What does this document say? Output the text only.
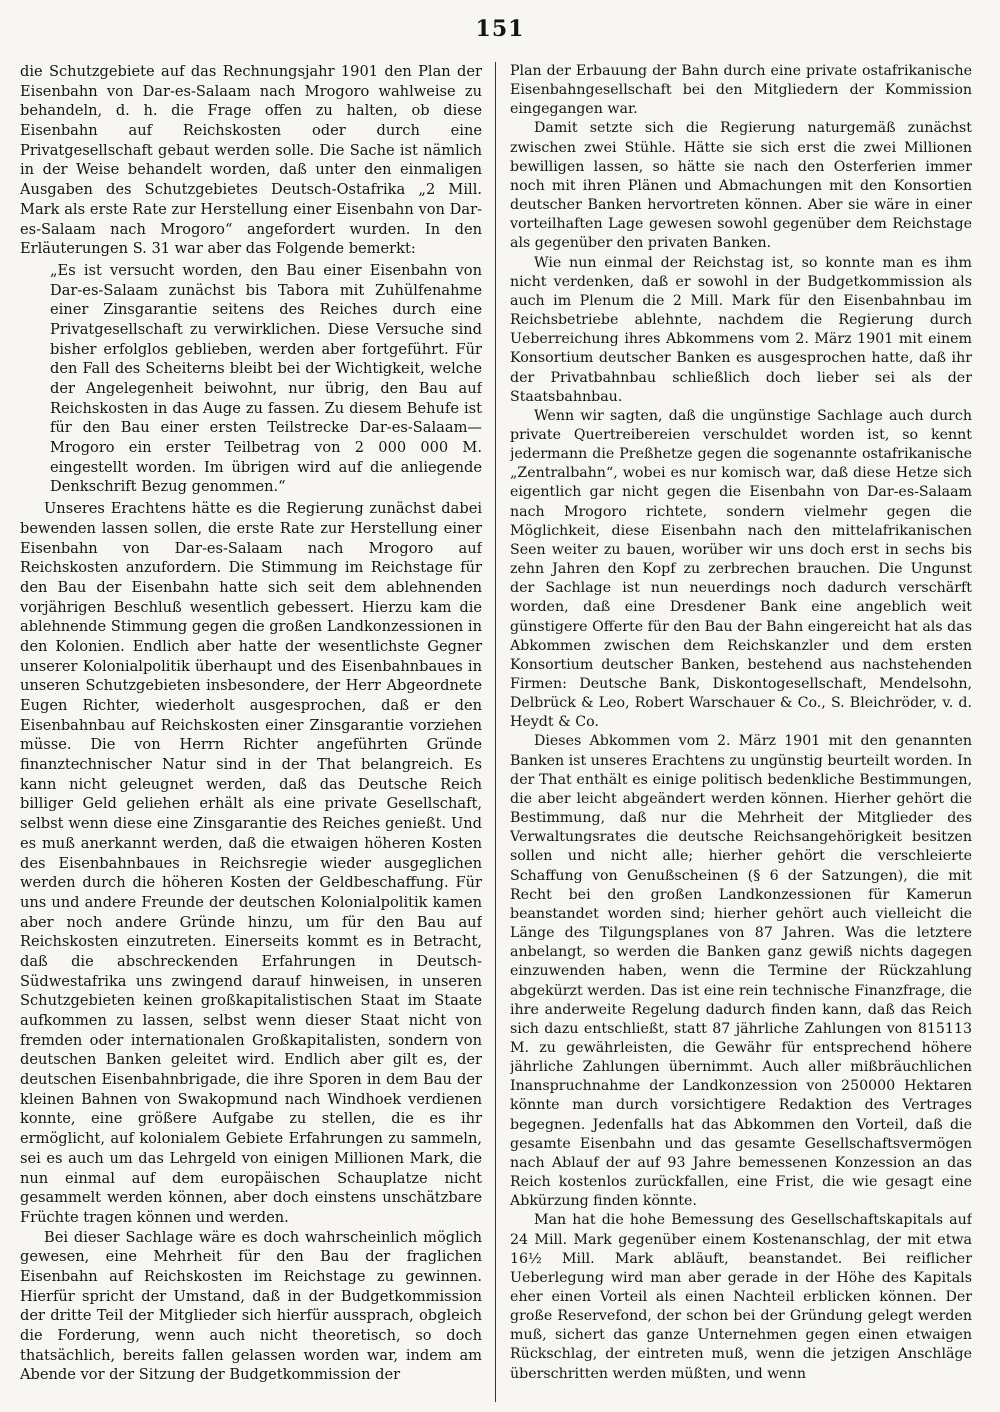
151

die Schutzgebiete auf das Rechnungsjahr 1901 den Plan der Eisenbahn von Dar-es-Salaam nach Mrogoro wahlweise zu behandeln, d. h. die Frage offen zu halten, ob diese Eisenbahn auf Reichskosten oder durch eine Privatgesellschaft gebaut werden solle. Die Sache ist nämlich in der Weise behandelt worden, daß unter den einmaligen Ausgaben des Schutzgebietes Deutsch-Ostafrika „2 Mill. Mark als erste Rate zur Herstellung einer Eisenbahn von Dar-es-Salaam nach Mrogoro“ angefordert wurden. In den Erläuterungen S. 31 war aber das Folgende bemerkt:

„Es ist versucht worden, den Bau einer Eisenbahn von Dar-es-Salaam zunächst bis Tabora mit Zuhülfenahme einer Zinsgarantie seitens des Reiches durch eine Privatgesellschaft zu verwirklichen. Diese Versuche sind bisher erfolglos geblieben, werden aber fortgeführt. Für den Fall des Scheiterns bleibt bei der Wichtigkeit, welche der Angelegenheit beiwohnt, nur übrig, den Bau auf Reichskosten in das Auge zu fassen. Zu diesem Behufe ist für den Bau einer ersten Teilstrecke Dar-es-Salaam—Mrogoro ein erster Teilbetrag von 2 000 000 M. eingestellt worden. Im übrigen wird auf die anliegende Denkschrift Bezug genommen.“

Unseres Erachtens hätte es die Regierung zunächst dabei bewenden lassen sollen, die erste Rate zur Herstellung einer Eisenbahn von Dar-es-Salaam nach Mrogoro auf Reichskosten anzufordern. Die Stimmung im Reichstage für den Bau der Eisenbahn hatte sich seit dem ablehnenden vorjährigen Beschluß wesentlich gebessert. Hierzu kam die ablehnende Stimmung gegen die großen Landkonzessionen in den Kolonien. Endlich aber hatte der wesentlichste Gegner unserer Kolonialpolitik überhaupt und des Eisenbahnbaues in unseren Schutzgebieten insbesondere, der Herr Abgeordnete Eugen Richter, wiederholt ausgesprochen, daß er den Eisenbahnbau auf Reichskosten einer Zinsgarantie vorziehen müsse. Die von Herrn Richter angeführten Gründe finanztechnischer Natur sind in der That belangreich. Es kann nicht geleugnet werden, daß das Deutsche Reich billiger Geld geliehen erhält als eine private Gesellschaft, selbst wenn diese eine Zinsgarantie des Reiches genießt. Und es muß anerkannt werden, daß die etwaigen höheren Kosten des Eisenbahnbaues in Reichsregie wieder ausgeglichen werden durch die höheren Kosten der Geldbeschaffung. Für uns und andere Freunde der deutschen Kolonialpolitik kamen aber noch andere Gründe hinzu, um für den Bau auf Reichskosten einzutreten. Einerseits kommt es in Betracht, daß die abschreckenden Erfahrungen in Deutsch-Südwestafrika uns zwingend darauf hinweisen, in unseren Schutzgebieten keinen großkapitalistischen Staat im Staate aufkommen zu lassen, selbst wenn dieser Staat nicht von fremden oder internationalen Großkapitalisten, sondern von deutschen Banken geleitet wird. Endlich aber gilt es, der deutschen Eisenbahnbrigade, die ihre Sporen in dem Bau der kleinen Bahnen von Swakopmund nach Windhoek verdienen konnte, eine größere Aufgabe zu stellen, die es ihr ermöglicht, auf kolonialem Gebiete Erfahrungen zu sammeln, sei es auch um das Lehrgeld von einigen Millionen Mark, die nun einmal auf dem europäischen Schauplatze nicht gesammelt werden können, aber doch einstens unschätzbare Früchte tragen können und werden.

Bei dieser Sachlage wäre es doch wahrscheinlich möglich gewesen, eine Mehrheit für den Bau der fraglichen Eisenbahn auf Reichskosten im Reichstage zu gewinnen. Hierfür spricht der Umstand, daß in der Budgetkommission der dritte Teil der Mitglieder sich hierfür aussprach, obgleich die Forderung, wenn auch nicht theoretisch, so doch thatsächlich, bereits fallen gelassen worden war, indem am Abende vor der Sitzung der Budgetkommission der

Plan der Erbauung der Bahn durch eine private ostafrikanische Eisenbahngesellschaft bei den Mitgliedern der Kommission eingegangen war.

Damit setzte sich die Regierung naturgemäß zunächst zwischen zwei Stühle. Hätte sie sich erst die zwei Millionen bewilligen lassen, so hätte sie nach den Osterferien immer noch mit ihren Plänen und Abmachungen mit den Konsortien deutscher Banken hervortreten können. Aber sie wäre in einer vorteilhaften Lage gewesen sowohl gegenüber dem Reichstage als gegenüber den privaten Banken.

Wie nun einmal der Reichstag ist, so konnte man es ihm nicht verdenken, daß er sowohl in der Budgetkommission als auch im Plenum die 2 Mill. Mark für den Eisenbahnbau im Reichsbetriebe ablehnte, nachdem die Regierung durch Ueberreichung ihres Abkommens vom 2. März 1901 mit einem Konsortium deutscher Banken es ausgesprochen hatte, daß ihr der Privatbahnbau schließlich doch lieber sei als der Staatsbahnbau.

Wenn wir sagten, daß die ungünstige Sachlage auch durch private Quertreibereien verschuldet worden ist, so kennt jedermann die Preßhetze gegen die sogenannte ostafrikanische „Zentralbahn“, wobei es nur komisch war, daß diese Hetze sich eigentlich gar nicht gegen die Eisenbahn von Dar-es-Salaam nach Mrogoro richtete, sondern vielmehr gegen die Möglichkeit, diese Eisenbahn nach den mittelafrikanischen Seen weiter zu bauen, worüber wir uns doch erst in sechs bis zehn Jahren den Kopf zu zerbrechen brauchen. Die Ungunst der Sachlage ist nun neuerdings noch dadurch verschärft worden, daß eine Dresdener Bank eine angeblich weit günstigere Offerte für den Bau der Bahn eingereicht hat als das Abkommen zwischen dem Reichskanzler und dem ersten Konsortium deutscher Banken, bestehend aus nachstehenden Firmen: Deutsche Bank, Diskontogesellschaft, Mendelsohn, Delbrück & Leo, Robert Warschauer & Co., S. Bleichröder, v. d. Heydt & Co.

Dieses Abkommen vom 2. März 1901 mit den genannten Banken ist unseres Erachtens zu ungünstig beurteilt worden. In der That enthält es einige politisch bedenkliche Bestimmungen, die aber leicht abgeändert werden können. Hierher gehört die Bestimmung, daß nur die Mehrheit der Mitglieder des Verwaltungsrates die deutsche Reichsangehörigkeit besitzen sollen und nicht alle; hierher gehört die verschleierte Schaffung von Genußscheinen (§ 6 der Satzungen), die mit Recht bei den großen Landkonzessionen für Kamerun beanstandet worden sind; hierher gehört auch vielleicht die Länge des Tilgungsplanes von 87 Jahren. Was die letztere anbelangt, so werden die Banken ganz gewiß nichts dagegen einzuwenden haben, wenn die Termine der Rückzahlung abgekürzt werden. Das ist eine rein technische Finanzfrage, die ihre anderweite Regelung dadurch finden kann, daß das Reich sich dazu entschließt, statt 87 jährliche Zahlungen von 815113 M. zu gewährleisten, die Gewähr für entsprechend höhere jährliche Zahlungen übernimmt. Auch aller mißbräuchlichen Inanspruchnahme der Landkonzession von 250000 Hektaren könnte man durch vorsichtigere Redaktion des Vertrages begegnen. Jedenfalls hat das Abkommen den Vorteil, daß die gesamte Eisenbahn und das gesamte Gesellschaftsvermögen nach Ablauf der auf 93 Jahre bemessenen Konzession an das Reich kostenlos zurückfallen, eine Frist, die wie gesagt eine Abkürzung finden könnte.

Man hat die hohe Bemessung des Gesellschaftskapitals auf 24 Mill. Mark gegenüber einem Kostenanschlag, der mit etwa 16½ Mill. Mark abläuft, beanstandet. Bei reiflicher Ueberlegung wird man aber gerade in der Höhe des Kapitals eher einen Vorteil als einen Nachteil erblicken können. Der große Reservefond, der schon bei der Gründung gelegt werden muß, sichert das ganze Unternehmen gegen einen etwaigen Rückschlag, der eintreten muß, wenn die jetzigen Anschläge überschritten werden müßten, und wenn
